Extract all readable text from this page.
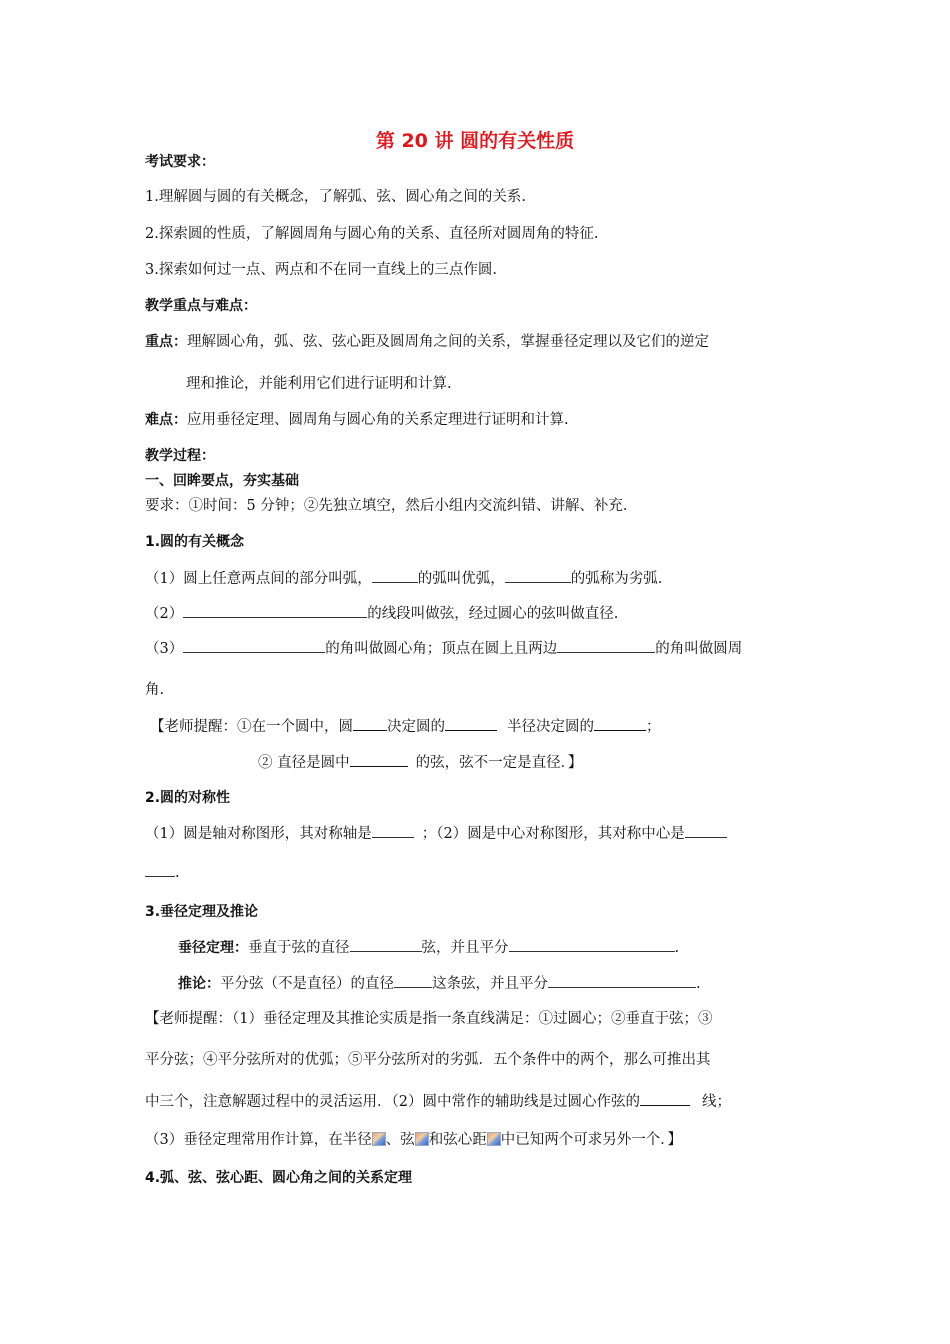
第 20 讲 圆的有关性质
考试要求：
1.理解圆与圆的有关概念，了解弧、弦、圆心角之间的关系.
2.探索圆的性质，了解圆周角与圆心角的关系、直径所对圆周角的特征.
3.探索如何过一点、两点和不在同一直线上的三点作圆.
教学重点与难点：
重点：理解圆心角，弧、弦、弦心距及圆周角之间的关系，掌握垂径定理以及它们的逆定
理和推论，并能利用它们进行证明和计算.
难点：应用垂径定理、圆周角与圆心角的关系定理进行证明和计算.
教学过程：
一、回眸要点，夯实基础
要求：①时间：5 分钟；②先独立填空，然后小组内交流纠错、讲解、补充.
1.圆的有关概念
（1）圆上任意两点间的部分叫弧，	的弧叫优弧，	的弧称为劣弧.
（2）	的线段叫做弦，经过圆心的弦叫做直径.
（3）	的角叫做圆心角；顶点在圆上且两边	的角叫做圆周
角.
【老师提醒：①在一个圆中，圆 决定圆的	半径决定圆的	；
② 直径是圆中	的弦，弦不一定是直径．】
2.圆的对称性
（1）圆是轴对称图形，其对称轴是	；（2）圆是中心对称图形，其对称中心是
.
3.垂径定理及推论
垂径定理：垂直于弦的直径	弦，并且平分	.
推论：平分弦（不是直径）的直径	这条弦，并且平分	.
【老师提醒：（1）垂径定理及其推论实质是指一条直线满足：①过圆心；②垂直于弦；③
平分弦；④平分弦所对的优弧；⑤平分弦所对的劣弧．五个条件中的两个，那么可推出其
中三个，注意解题过程中的灵活运用．（2）圆中常作的辅助线是过圆心作弦的	线；
（3）垂径定理常用作计算，在半径 、弦 和弦心距 中已知两个可求另外一个．】
4.弧、弦、弦心距、圆心角之间的关系定理
